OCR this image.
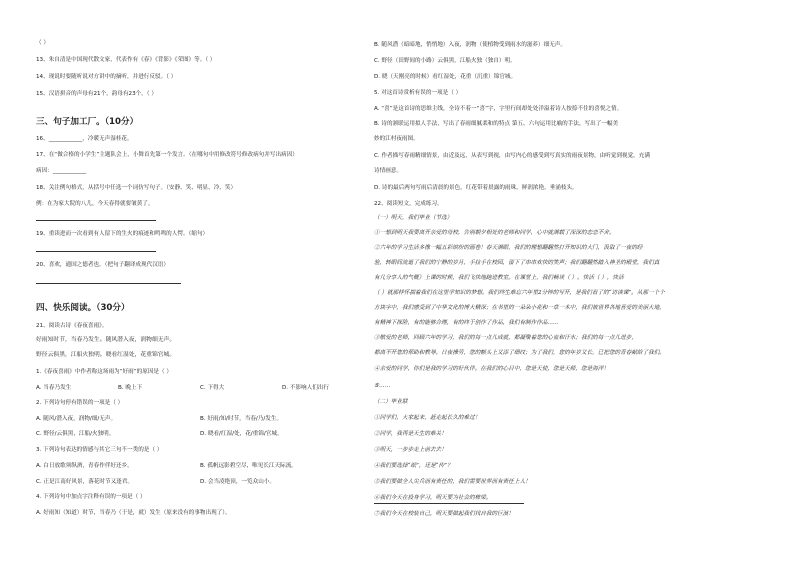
（ ）
13、朱自清是中国现代散文家，代表作有《春》《背影》《荣图》等。（ ）
14、现说时要随听说对方讲中的摘听，并进行反驳。（ ）
15、汉语拼音的声母有21个，韵母有23个。（ ）
三、句子加工厂。（10分）
16、____________，冷暖无声湿桂花。
17、在“做合格的小学生”主题队会上，小舞首先第一个发言。（在哪句中用修改符号修改病句并写出病因）
病因：____________
18、关注例句格式，从括号中任选一个词仿写句子。（安静、笑、明显、冷、笑）
例：在为家大院的八儿，今天春得就要皱黄了。
19、重读进而一次看到有人留下的生火的痕迹和鸣鸣的人愕。（缩句）
20、喜欢，通国之德者也。（把句子翻译成现代汉语）
四、快乐阅读。（30分）
21、阅读古诗《春夜喜雨》。
好雨知时节，当春乃发生。随风潜入夜，润物细无声。
野径云俱黑，江船火独明。晓看红湿处，花重锦官城。
1.《春夜喜雨》中作者称这场雨为“好雨”的原因是（ ）
A. 当春乃发生	B. 晚上下	C. 下得大	D. 不影响人们出行
2. 下列诗句停有错误的一项是（ ）
A. 随风/潜入夜，润物/细/无声。	B. 好雨/知/时节，当春/乃/发生。
C. 野径/云俱黑，江船/火独明。	D. 晓看/红湿/处，花/重锦/官城。
3. 下列诗句表达的情感与其它三句不一类的是（ ）
A. 白日放歌须纵酒，青春作伴好还乡。	B. 孤帆远影碧空尽，唯见长江天际流。
C. 正是江南好风景，落花时节又逢君。	D. 会当凌绝顶，一览众山小。
4. 下列诗句中加点字注释有误的一项是（ ）
A. 好雨知（知道）时节，当春乃（于是，就）发生（原来没有的事物出现了）。
B. 随风潜（暗暗地，悄悄地）入夜，润物（使植物受到雨水的滋养）细无声。
C. 野径（田野间的小路）云俱黑，江船火独（独自）明。
D. 晓（天刚亮的时候）看红湿处，花重（沉重）锦官城。
5. 对这首诗赏析有误的一项是（ ）
A. “喜”是这首诗的思维主线，全诗不着一“喜”字，字里行间却处处洋溢着诗人按捺不住的喜悦之情。
B. 诗的颔联运用拟人手法，写出了春雨细腻柔和的特点 第五、六句运用比喻的手法，写出了一幅美
妙的江村夜雨图。
C. 作者描写春雨精细情景，由近及远，从表写到视，由写内心的感受到写真实的雨夜景物，由听觉到视觉，充满
诗情画意。
D. 诗的最后两句写雨后清晨的景色，红花带着晨露的雨珠，鲜润浓艳，垂涌枝头。
22、阅读短文，完成练习。
（一）明天，我们毕业（节选）
①一想到明天我要离开亲爱的母校，告别朝夕相处的老师和同学，心中就满载了深深的恋恋不舍。
②六年的学习生活多像一幅五彩缤纷的画卷！春天满眼，我们的理想翻翻然打开知识的大门，汲取了一夜的经
验，转眼间流逝了我们的宁静的岁月，手拉手在校园，留下了串串欢快的笑声；我们翻翻然踏入神圣的殿堂，我们真
有几分享人的气概）上课的时候，我们飞快地跑进教室。在课堂上，我们畅谈（ ）。快活（ ），快活
（ ）就那样怀揣着我们在这里学知识的梦想。我们终生难忘六年里2分钟的写开，是我们看了的“访读课”。从那一个个
方块字中，我们感受到了中华文化的博大精深；在书里的一朵朵小花和一草一木中，我们被世界各地喜爱的美丽大地，
有精神下探险，有的能够合理，有的终于创作了作品，我们有制作作品……
③敬爱的老师，回顾六年的学习，我们的每一点儿成就，都凝聚着您的心血和汗水；我们的每一点儿进步，
都离不开您的帮助和教导。日夜操劳，您的额头上又添了细纹；为了我们，您的年岁又长，已把您的青春献给了我们。
④亲爱的同学，你们是我的学习的好伙伴。在我们的心目中，您是天使，您是天师，您是海洋！
⑤……
（二）毕业联
①同学们，大家起来，赶走起长久的难过！
②同学，我再是天生的难关！
③明天，一步步走上前去去！
④我们要选择“纸”，还是“传”？
⑤我们要做全人尖兵而有责任的，我们需要世界而有责任上人！
⑥我们今天在投身学习，明天要为社会的栋梁。
⑦我们今天在校装自己，明天要做起我们找自我的巨浪！
